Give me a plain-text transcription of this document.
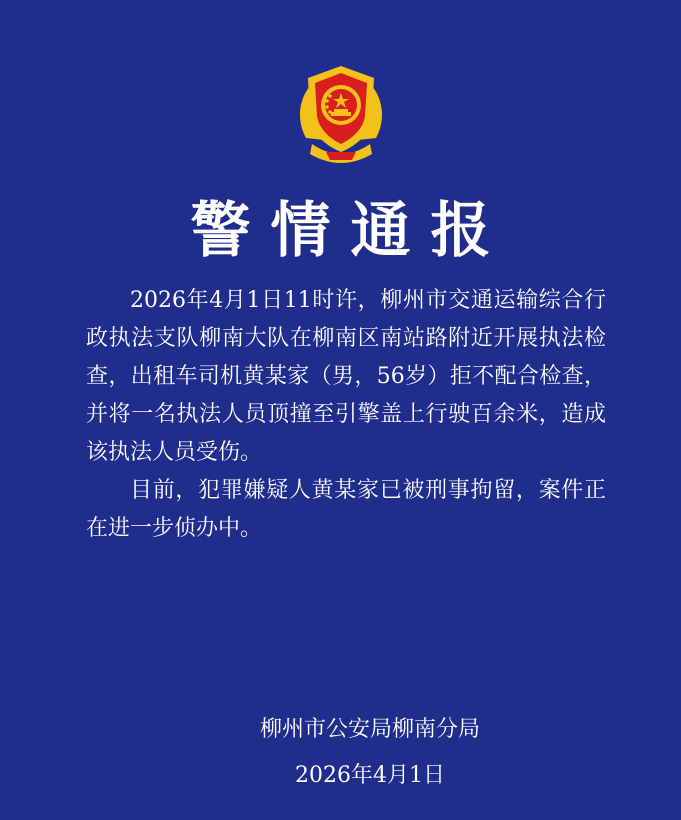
警情通报

2026年4月1日11时许，柳州市交通运输综合行政执法支队柳南大队在柳南区南站路附近开展执法检查，出租车司机黄某家（男，56岁）拒不配合检查，并将一名执法人员顶撞至引擎盖上行驶百余米，造成该执法人员受伤。

目前，犯罪嫌疑人黄某家已被刑事拘留，案件正在进一步侦办中。

柳州市公安局柳南分局
2026年4月1日
